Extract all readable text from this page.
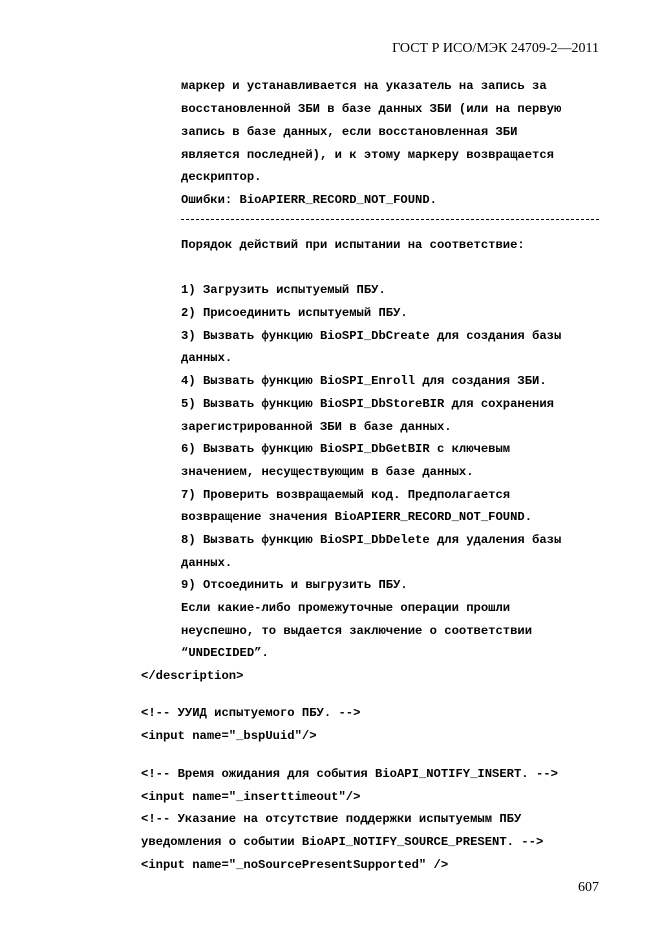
ГОСТ Р ИСО/МЭК 24709-2—2011
маркер и устанавливается на указатель на запись за
восстановленной ЗБИ в базе данных ЗБИ (или на первую
запись в базе данных, если восстановленная ЗБИ
является последней), и к этому маркеру возвращается
дескриптор.
Ошибки: BioAPIERR_RECORD_NOT_FOUND.
Порядок действий при испытании на соответствие:
1) Загрузить испытуемый ПБУ.
2) Присоединить испытуемый ПБУ.
3) Вызвать функцию BioSPI_DbCreate для создания базы
данных.
4) Вызвать функцию BioSPI_Enroll для создания ЗБИ.
5) Вызвать функцию BioSPI_DbStoreBIR для сохранения
зарегистрированной ЗБИ в базе данных.
6) Вызвать функцию BioSPI_DbGetBIR с ключевым
значением, несуществующим в базе данных.
7) Проверить возвращаемый код. Предполагается
возвращение значения BioAPIERR_RECORD_NOT_FOUND.
8) Вызвать функцию BioSPI_DbDelete для удаления базы
данных.
9) Отсоединить и выгрузить ПБУ.
Если какие-либо промежуточные операции прошли
неуспешно, то выдается заключение о соответствии
“UNDECIDED”.
</description>
<!-- УУИД испытуемого ПБУ. -->
<input name="_bspUuid"/>
<!-- Время ожидания для события BioAPI_NOTIFY_INSERT. -->
<input name="_inserttimeout"/>
<!-- Указание на отсутствие поддержки испытуемым ПБУ
уведомления о событии BioAPI_NOTIFY_SOURCE_PRESENT. -->
<input name="_noSourcePresentSupported" />
607
